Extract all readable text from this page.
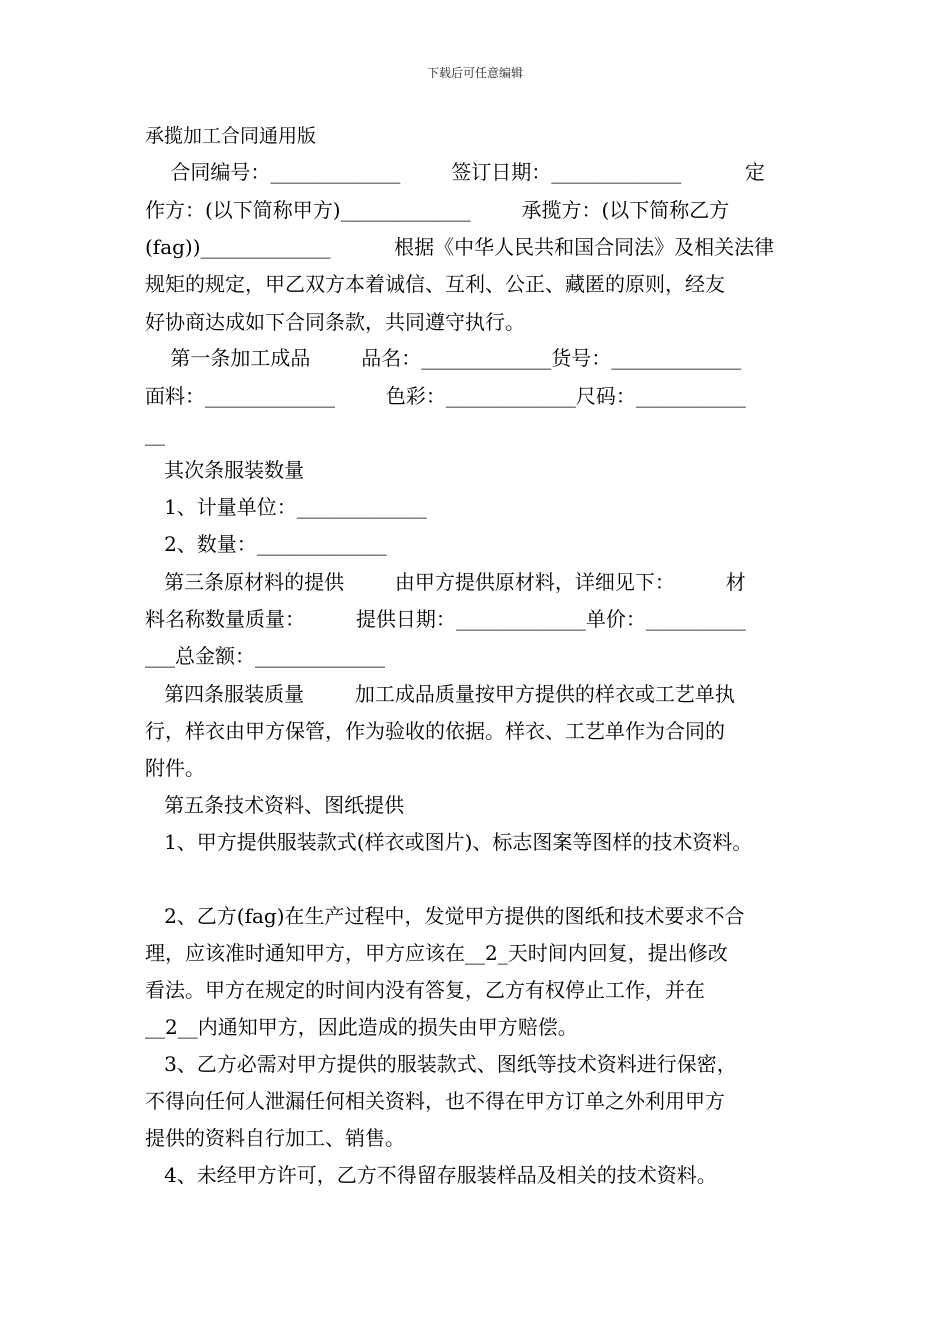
下载后可任意编辑
承揽加工合同通用版
合同编号：_____________        签订日期：_____________          定
作方：(以下简称甲方)_____________        承揽方：(以下简称乙方
(fag))_____________          根据《中华人民共和国合同法》及相关法律
规矩的规定，甲乙双方本着诚信、互利、公正、藏匿的原则，经友
好协商达成如下合同条款，共同遵守执行。
第一条加工成品        品名：_____________货号：_____________
面料：_____________        色彩：_____________尺码：___________
__
其次条服装数量
1、计量单位：_____________
2、数量：_____________
第三条原材料的提供        由甲方提供原材料，详细见下：        材
料名称数量质量：        提供日期：_____________单价：__________
___总金额：_____________
第四条服装质量        加工成品质量按甲方提供的样衣或工艺单执
行，样衣由甲方保管，作为验收的依据。样衣、工艺单作为合同的
附件。
第五条技术资料、图纸提供
1、甲方提供服装款式(样衣或图片)、标志图案等图样的技术资料。
2、乙方(fag)在生产过程中，发觉甲方提供的图纸和技术要求不合
理，应该准时通知甲方，甲方应该在__2_天时间内回复，提出修改
看法。甲方在规定的时间内没有答复，乙方有权停止工作，并在
__2__内通知甲方，因此造成的损失由甲方赔偿。
3、乙方必需对甲方提供的服装款式、图纸等技术资料进行保密，
不得向任何人泄漏任何相关资料，也不得在甲方订单之外利用甲方
提供的资料自行加工、销售。
4、未经甲方许可，乙方不得留存服装样品及相关的技术资料。
